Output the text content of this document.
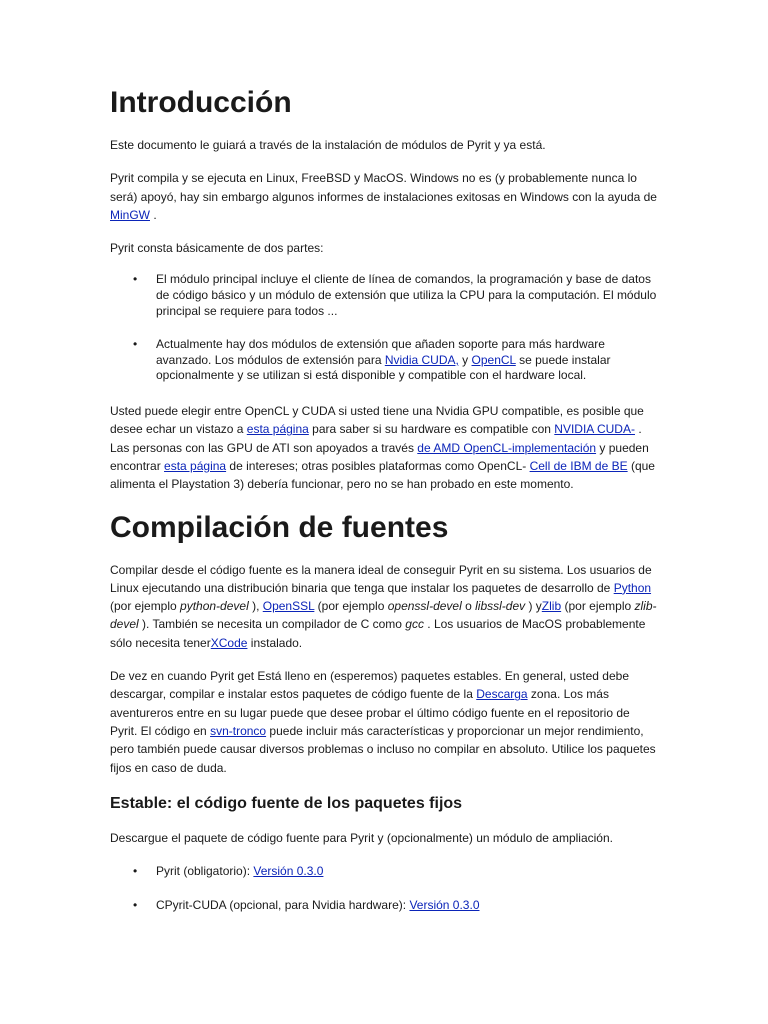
Introducción

Este documento le guiará a través de la instalación de módulos de Pyrit y ya está.

Pyrit compila y se ejecuta en Linux, FreeBSD y MacOS. Windows no es (y probablemente nunca lo será) apoyó, hay sin embargo algunos informes de instalaciones exitosas en Windows con la ayuda de MinGW .

Pyrit consta básicamente de dos partes:

• El módulo principal incluye el cliente de línea de comandos, la programación y base de datos de código básico y un módulo de extensión que utiliza la CPU para la computación. El módulo principal se requiere para todos ...
• Actualmente hay dos módulos de extensión que añaden soporte para más hardware avanzado. Los módulos de extensión para Nvidia CUDA, y OpenCL se puede instalar opcionalmente y se utilizan si está disponible y compatible con el hardware local.

Usted puede elegir entre OpenCL y CUDA si usted tiene una Nvidia GPU compatible, es posible que desee echar un vistazo a esta página para saber si su hardware es compatible con NVIDIA CUDA- . Las personas con las GPU de ATI son apoyados a través de AMD OpenCL-implementación y pueden encontrar esta página de intereses; otras posibles plataformas como OpenCL- Cell de IBM de BE (que alimenta el Playstation 3) debería funcionar, pero no se han probado en este momento.

Compilación de fuentes

Compilar desde el código fuente es la manera ideal de conseguir Pyrit en su sistema. Los usuarios de Linux ejecutando una distribución binaria que tenga que instalar los paquetes de desarrollo de Python (por ejemplo python-devel ), OpenSSL (por ejemplo openssl-devel o libssl-dev ) yZlib (por ejemplo zlib-devel ). También se necesita un compilador de C como gcc . Los usuarios de MacOS probablemente sólo necesita tenerXCode instalado.

De vez en cuando Pyrit get Está lleno en (esperemos) paquetes estables. En general, usted debe descargar, compilar e instalar estos paquetes de código fuente de la Descarga zona. Los más aventureros entre en su lugar puede que desee probar el último código fuente en el repositorio de Pyrit. El código en svn-tronco puede incluir más características y proporcionar un mejor rendimiento, pero también puede causar diversos problemas o incluso no compilar en absoluto. Utilice los paquetes fijos en caso de duda.

Estable: el código fuente de los paquetes fijos

Descargue el paquete de código fuente para Pyrit y (opcionalmente) un módulo de ampliación.

• Pyrit (obligatorio): Versión 0.3.0
• CPyrit-CUDA (opcional, para Nvidia hardware): Versión 0.3.0
